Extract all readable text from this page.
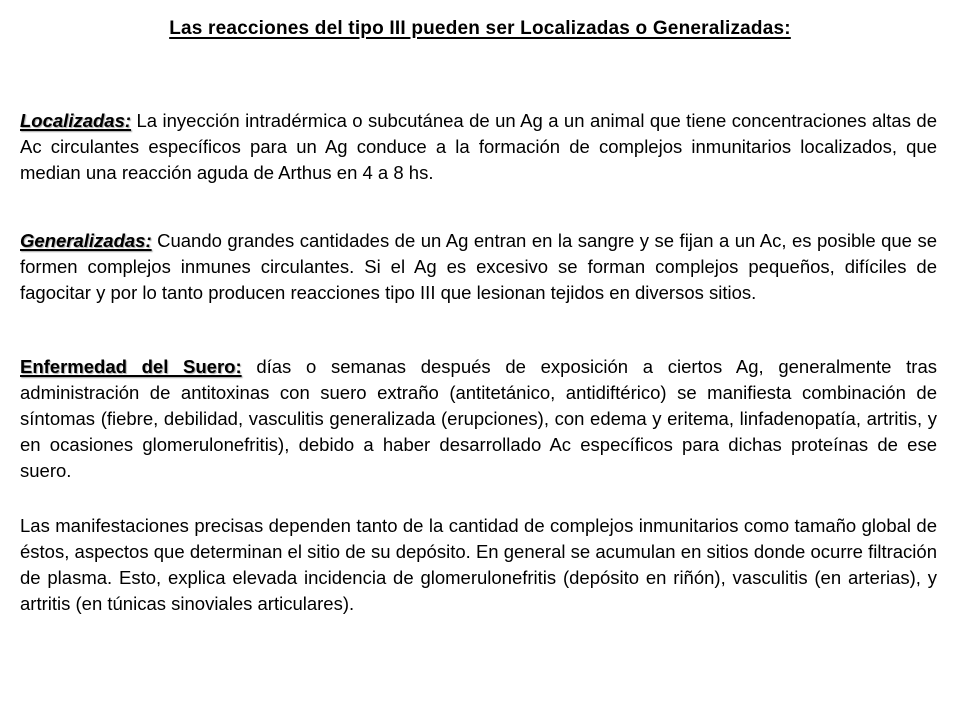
Las reacciones del tipo III pueden ser Localizadas o Generalizadas:
Localizadas: La inyección intradérmica o subcutánea de un Ag a un animal que tiene concentraciones altas de Ac circulantes específicos para un Ag conduce a la formación de complejos inmunitarios localizados, que median una reacción aguda de Arthus en 4 a 8 hs.
Generalizadas: Cuando grandes cantidades de un Ag entran en la sangre y se fijan a un Ac, es posible que se formen complejos inmunes circulantes. Si el Ag es excesivo se forman complejos pequeños, difíciles de fagocitar y por lo tanto producen reacciones tipo III que lesionan tejidos en diversos sitios.
Enfermedad del Suero: días o semanas después de exposición a ciertos Ag, generalmente tras administración de antitoxinas con suero extraño (antitetánico, antidiftérico) se manifiesta combinación de síntomas (fiebre, debilidad, vasculitis generalizada (erupciones), con edema y eritema, linfadenopatía, artritis, y en ocasiones glomerulonefritis), debido a haber desarrollado Ac específicos para dichas proteínas de ese suero.
Las manifestaciones precisas dependen tanto de la cantidad de complejos inmunitarios como tamaño global de éstos, aspectos que determinan el sitio de su depósito. En general se acumulan en sitios donde ocurre filtración de plasma. Esto, explica elevada incidencia de glomerulonefritis (depósito en riñón), vasculitis (en arterias), y artritis (en túnicas sinoviales articulares).
